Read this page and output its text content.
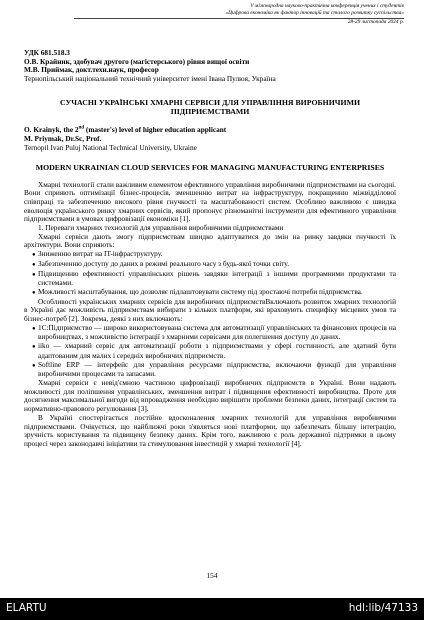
V міжнародна науково-практична конференція учених і студентів
«Цифрова економіка як фактор інновацій та сталого розвитку суспільства»
28-29 листопада 2024 р.

УДК 681.518.3

О.В. Крайник, здобувач другого (магістерського) рівня вищої освіти

М.В. Приймак, докт.техн.наук, професор

Тернопільський національний технічний університет імені Івана Пулюя, Україна

СУЧАСНІ УКРАЇНСЬКІ ХМАРНІ СЕРВІСИ ДЛЯ УПРАВЛІННЯ ВИРОБНИЧИМИ ПІДПРИЄМСТВАМИ

O. Krainyk, the 2nd (master's) level of higher education applicant

M. Priymak, Dr.Sc, Prof.

Ternopil Ivan Puluj National Technical University, Ukraine

MODERN UKRAINIAN CLOUD SERVICES FOR MANAGING MANUFACTURING ENTERPRISES

Хмарні технології стали важливим елементом ефективного управління виробничими підприємствами на сьогодні. Вони сприяють оптимізації бізнес-процесів, зменшенню витрат на інфраструктуру, покращенню міжвідділової співпраці та забезпеченню високого рівня гнучкості та масштабованості систем. Особливо важливою є швидка еволюція українського ринку хмарних сервісів, який пропонує різноманітні інструменти для ефективного управління підприємствами в умовах цифровізації економіки [1].

1. Переваги хмарних технологій для управління виробничими підприємствами

Хмарні сервіси дають змогу підприємствам швидко адаптуватися до змін на ринку завдяки гнучкості їх архітектури. Вони сприяють:

● Зниженню витрат на IT-інфраструктуру.

● Забезпеченню доступу до даних в режимі реального часу з будь-якої точки світу.

● Підвищенню ефективності управлінських рішень завдяки інтеграції з іншими програмними продуктами та системами.

● Можливості масштабування, що дозволяє підлаштовувати систему під зростаючі потреби підприємства.

Особливості українських хмарних сервісів для виробничих підприємствВключають розвиток хмарних технологій в Україні дає можливість підприємствам вибирати з кількох платформ, які враховують специфіку місцевих умов та бізнес-потреб [2]. Зокрема, деякі з них включають:

● 1С:Підприємство — широко використовувана система для автоматизації управлінських та фінансових процесів на виробництвах, з можливістю інтеграції з хмарними сервісами для полегшення доступу до даних.

● iiko — хмарний сервіс для автоматизації роботи з підприємствами у сфері гостинності, але здатний бути адаптованим для малих і середніх виробничих підприємств.

● Softline ERP — інтерфейс для управління ресурсами підприємства, включаючи функції для управління виробничими процесами та запасами.

Хмарні сервіси є невід'ємною частиною цифровізації виробничих підприємств в Україні. Вони надають можливості для поліпшення управлінських, зменшення витрат і підвищення ефективності виробництва. Проте для досягнення максимальної вигоди від впровадження необхідно вирішити проблеми безпеки даних, інтеграції систем та нормативно-правового регулювання [3].

В Україні спостерігається постійне вдосконалення хмарних технологій для управління виробничими підприємствами. Очікується, що найближчі роки з'являться нові платформи, що забезпечать більшу інтеграцію, зручність користування та підвищену безпеку даних. Крім того, важливою є роль державної підтримки в цьому процесі через законодавчі ініціативи та стимулювання інвестицій у хмарні технології [4].

154
ELARTU	hdl:lib/47133
